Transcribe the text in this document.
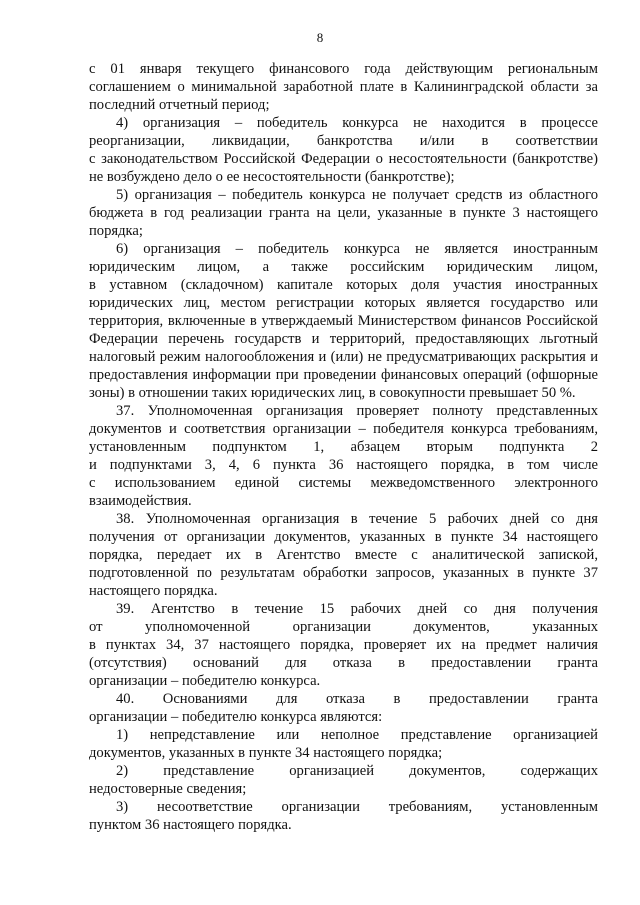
8
с 01 января текущего финансового года действующим региональным
соглашением о минимальной заработной плате в Калининградской области за
последний отчетный период;
4) организация – победитель конкурса не находится в процессе
реорганизации, ликвидации, банкротства и/или в соответствии
с законодательством Российской Федерации о несостоятельности (банкротстве)
не возбуждено дело о ее несостоятельности (банкротстве);
5) организация – победитель конкурса не получает средств из областного
бюджета в год реализации гранта на цели, указанные в пункте 3 настоящего
порядка;
6) организация – победитель конкурса не является иностранным
юридическим лицом, а также российским юридическим лицом,
в уставном (складочном) капитале которых доля участия иностранных
юридических лиц, местом регистрации которых является государство или
территория, включенные в утверждаемый Министерством финансов Российской
Федерации перечень государств и территорий, предоставляющих льготный
налоговый режим налогообложения и (или) не предусматривающих раскрытия и
предоставления информации при проведении финансовых операций (офшорные
зоны) в отношении таких юридических лиц, в совокупности превышает 50 %.
37. Уполномоченная организация проверяет полноту представленных
документов и соответствия организации – победителя конкурса требованиям,
установленным подпунктом 1, абзацем вторым подпункта 2
и подпунктами 3, 4, 6 пункта 36 настоящего порядка, в том числе
с использованием единой системы межведомственного электронного
взаимодействия.
38. Уполномоченная организация в течение 5 рабочих дней со дня
получения от организации документов, указанных в пункте 34 настоящего
порядка, передает их в Агентство вместе с аналитической запиской,
подготовленной по результатам обработки запросов, указанных в пункте 37
настоящего порядка.
39. Агентство в течение 15 рабочих дней со дня получения
от уполномоченной организации документов, указанных
в пунктах 34, 37 настоящего порядка, проверяет их на предмет наличия
(отсутствия) оснований для отказа в предоставлении гранта
организации – победителю конкурса.
40. Основаниями для отказа в предоставлении гранта
организации – победителю конкурса являются:
1) непредставление или неполное представление организацией
документов, указанных в пункте 34 настоящего порядка;
2) представление организацией документов, содержащих
недостоверные сведения;
3) несоответствие организации требованиям, установленным
пунктом 36 настоящего порядка.
